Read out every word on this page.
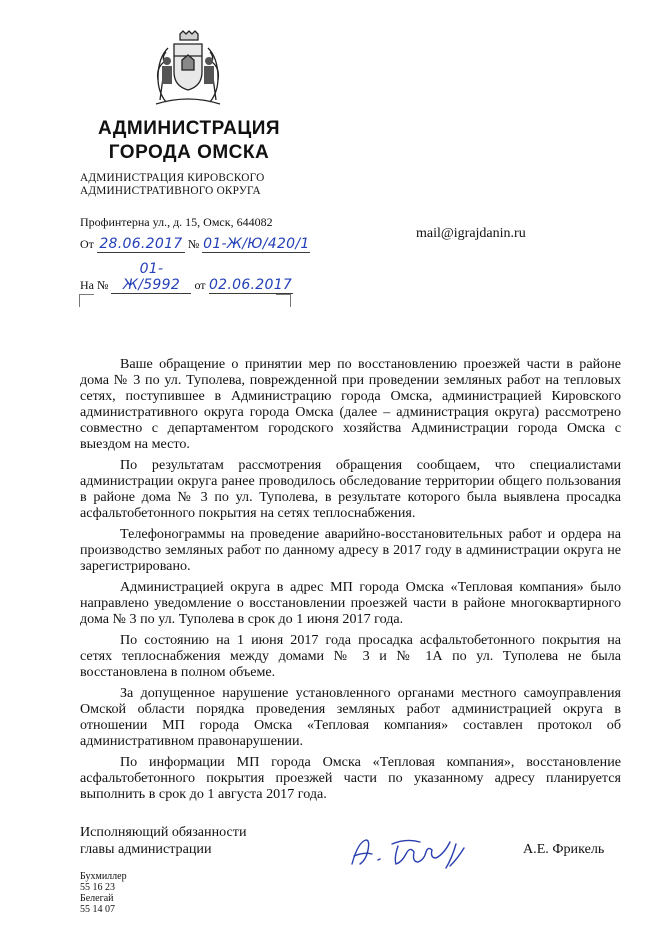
АДМИНИСТРАЦИЯ
ГОРОДА ОМСКА
АДМИНИСТРАЦИЯ КИРОВСКОГО
АДМИНИСТРАТИВНОГО ОКРУГА
Профинтерна ул., д. 15, Омск, 644082
От 28.06.2017 № 01-Ж/Ю/420/1
На № 01-Ж/5992 от 02.06.2017
mail@igrajdanin.ru

Ваше обращение о принятии мер по восстановлению проезжей части в районе дома № 3 по ул. Туполева, поврежденной при проведении земляных работ на тепловых сетях, поступившее в Администрацию города Омска, администрацией Кировского административного округа города Омска (далее – администрация округа) рассмотрено совместно с департаментом городского хозяйства Администрации города Омска с выездом на место.

По результатам рассмотрения обращения сообщаем, что специалистами администрации округа ранее проводилось обследование территории общего пользования в районе дома № 3 по ул. Туполева, в результате которого была выявлена просадка асфальтобетонного покрытия на сетях теплоснабжения.

Телефонограммы на проведение аварийно-восстановительных работ и ордера на производство земляных работ по данному адресу в 2017 году в администрации округа не зарегистрировано.

Администрацией округа в адрес МП города Омска «Тепловая компания» было направлено уведомление о восстановлении проезжей части в районе многоквартирного дома № 3 по ул. Туполева в срок до 1 июня 2017 года.

По состоянию на 1 июня 2017 года просадка асфальтобетонного покрытия на сетях теплоснабжения между домами № 3 и № 1А по ул. Туполева не была восстановлена в полном объеме.

За допущенное нарушение установленного органами местного самоуправления Омской области порядка проведения земляных работ администрацией округа в отношении МП города Омска «Тепловая компания» составлен протокол об административном правонарушении.

По информации МП города Омска «Тепловая компания», восстановление асфальтобетонного покрытия проезжей части по указанному адресу планируется выполнить в срок до 1 августа 2017 года.

Исполняющий обязанности
главы администрации	А.Е. Фрикель
Бухмиллер
55 16 23
Белегай
55 14 07
